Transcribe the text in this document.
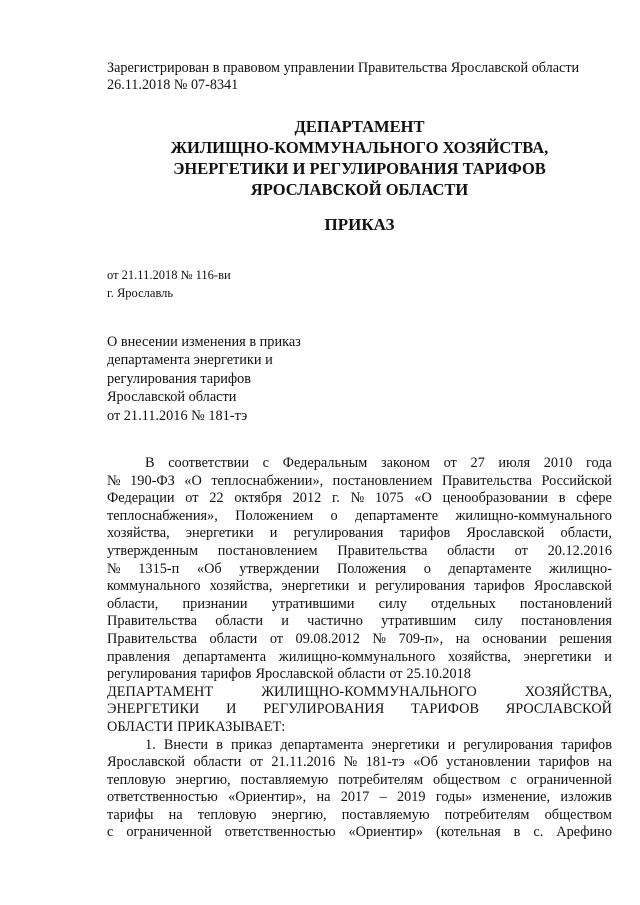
Зарегистрирован в правовом управлении Правительства Ярославской области
26.11.2018 № 07-8341
ДЕПАРТАМЕНТ
ЖИЛИЩНО-КОММУНАЛЬНОГО ХОЗЯЙСТВА,
ЭНЕРГЕТИКИ И РЕГУЛИРОВАНИЯ ТАРИФОВ
ЯРОСЛАВСКОЙ ОБЛАСТИ
ПРИКАЗ
от 21.11.2018 № 116-ви
г. Ярославль
О внесении изменения в приказ
департамента энергетики и
регулирования тарифов
Ярославской области
от 21.11.2016 № 181-тэ
В соответствии с Федеральным законом от 27 июля 2010 года
№ 190-ФЗ «О теплоснабжении», постановлением Правительства Российской
Федерации от 22 октября 2012 г. № 1075 «О ценообразовании в сфере
теплоснабжения», Положением о департаменте жилищно-коммунального
хозяйства, энергетики и регулирования тарифов Ярославской области,
утвержденным постановлением Правительства области от 20.12.2016
№ 1315-п «Об утверждении Положения о департаменте жилищно-
коммунального хозяйства, энергетики и регулирования тарифов Ярославской
области, признании утратившими силу отдельных постановлений
Правительства области и частично утратившим силу постановления
Правительства области от 09.08.2012 № 709-п», на основании решения
правления департамента жилищно-коммунального хозяйства, энергетики и
регулирования тарифов Ярославской области от 25.10.2018
ДЕПАРТАМЕНТ	ЖИЛИЩНО-КОММУНАЛЬНОГО	ХОЗЯЙСТВА,
ЭНЕРГЕТИКИ И РЕГУЛИРОВАНИЯ ТАРИФОВ ЯРОСЛАВСКОЙ
ОБЛАСТИ ПРИКАЗЫВАЕТ:
1. Внести в приказ департамента энергетики и регулирования тарифов
Ярославской области от 21.11.2016 № 181-тэ «Об установлении тарифов на
тепловую энергию, поставляемую потребителям обществом с ограниченной
ответственностью «Ориентир», на 2017 – 2019 годы» изменение, изложив
тарифы на тепловую энергию, поставляемую потребителям обществом
с ограниченной ответственностью «Ориентир» (котельная в с. Арефино
